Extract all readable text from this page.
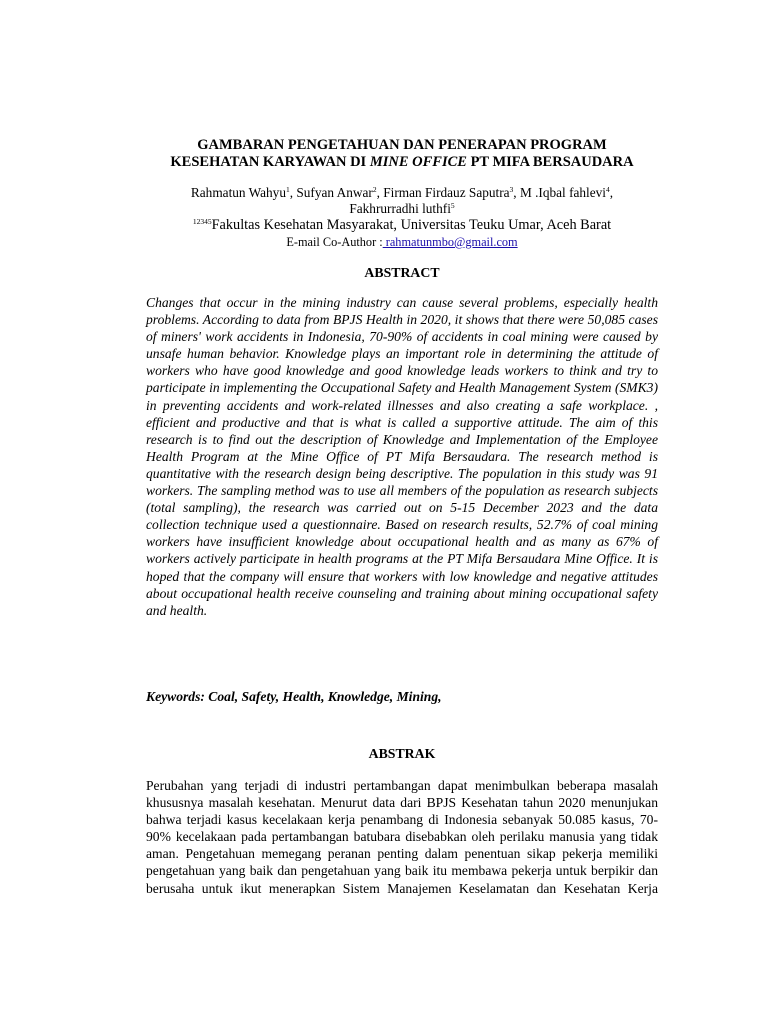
GAMBARAN PENGETAHUAN DAN PENERAPAN PROGRAM
KESEHATAN KARYAWAN DI MINE OFFICE PT MIFA BERSAUDARA
Rahmatun Wahyu$^1$, Sufyan Anwar$^2$, Firman Firdauz Saputra$^3$, M .Iqbal fahlevi$^4$,
Fakhrurradhi luthfi$^5$
$^{12345}$Fakultas Kesehatan Masyarakat, Universitas Teuku Umar, Aceh Barat
E-mail Co-Author : rahmatunmbo@gmail.com
ABSTRACT

Changes that occur in the mining industry can cause several problems, especially health problems. According to data from BPJS Health in 2020, it shows that there were 50,085 cases of miners' work accidents in Indonesia, 70-90% of accidents in coal mining were caused by unsafe human behavior. Knowledge plays an important role in determining the attitude of workers who have good knowledge and good knowledge leads workers to think and try to participate in implementing the Occupational Safety and Health Management System (SMK3) in preventing accidents and work-related illnesses and also creating a safe workplace. , efficient and productive and that is what is called a supportive attitude. The aim of this research is to find out the description of Knowledge and Implementation of the Employee Health Program at the Mine Office of PT Mifa Bersaudara. The research method is quantitative with the research design being descriptive. The population in this study was 91 workers. The sampling method was to use all members of the population as research subjects (total sampling), the research was carried out on 5-15 December 2023 and the data collection technique used a questionnaire. Based on research results, 52.7% of coal mining workers have insufficient knowledge about occupational health and as many as 67% of workers actively participate in health programs at the PT Mifa Bersaudara Mine Office. It is hoped that the company will ensure that workers with low knowledge and negative attitudes about occupational health receive counseling and training about mining occupational safety and health.

Keywords: Coal, Safety, Health, Knowledge, Mining,

ABSTRAK

Perubahan yang terjadi di industri pertambangan dapat menimbulkan beberapa masalah khususnya masalah kesehatan. Menurut data dari BPJS Kesehatan tahun 2020 menunjukan bahwa terjadi kasus kecelakaan kerja penambang di Indonesia sebanyak 50.085 kasus, 70-90% kecelakaan pada pertambangan batubara disebabkan oleh perilaku manusia yang tidak aman. Pengetahuan memegang peranan penting dalam penentuan sikap pekerja memiliki pengetahuan yang baik dan pengetahuan yang baik itu membawa pekerja untuk berpikir dan berusaha untuk ikut menerapkan Sistem Manajemen Keselamatan dan Kesehatan Kerja
